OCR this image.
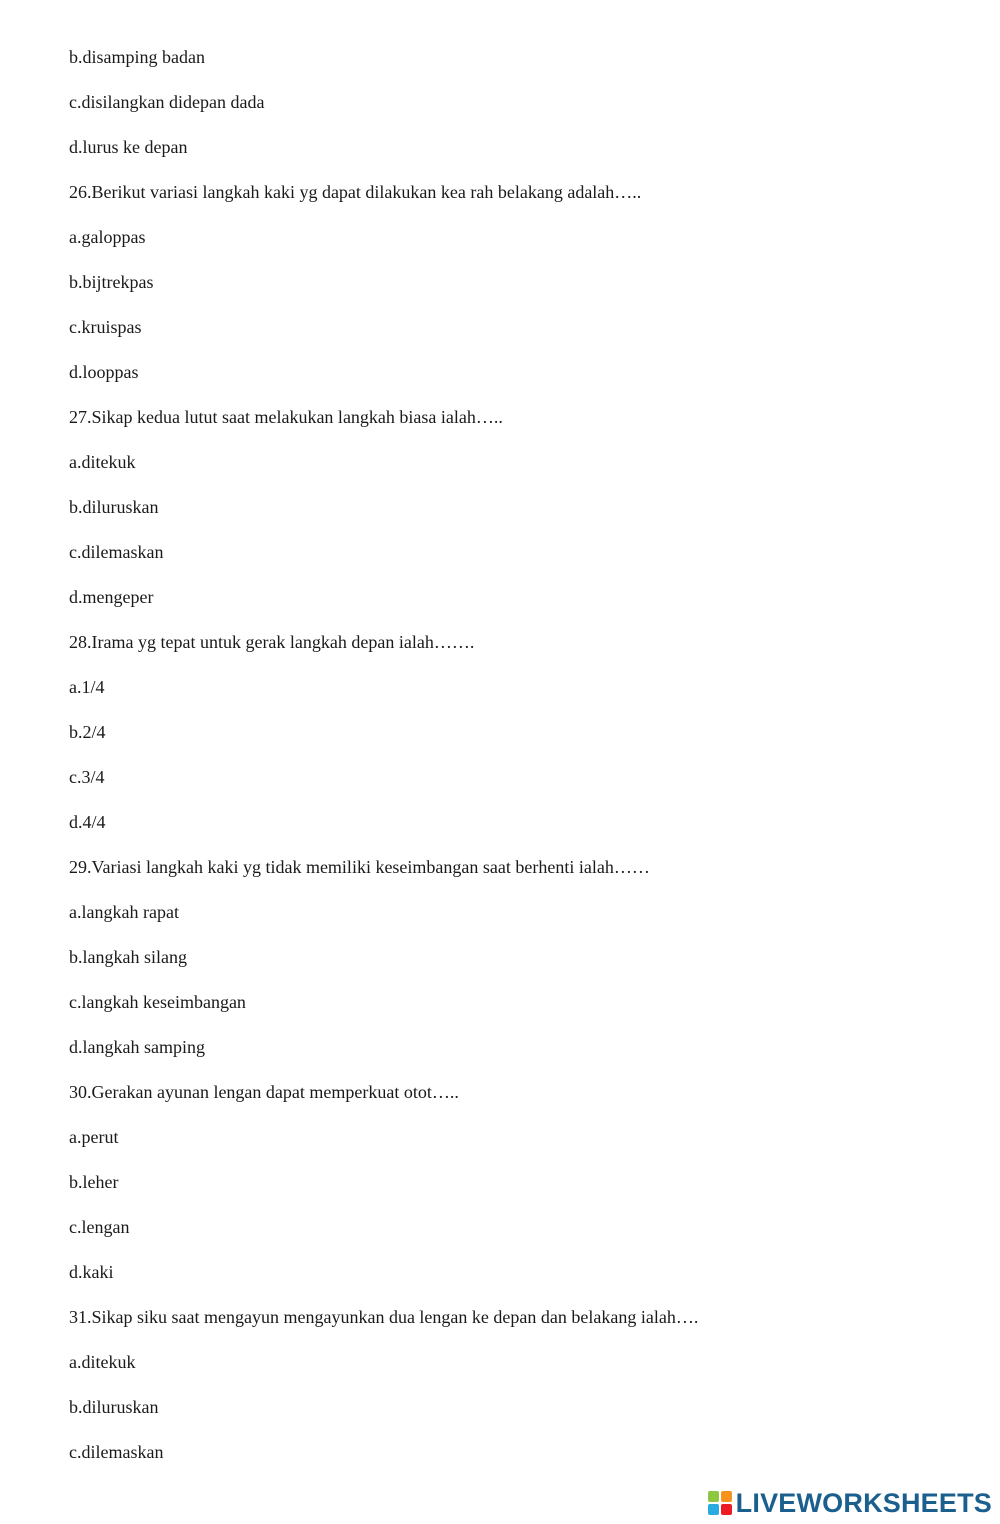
b.disamping badan
c.disilangkan didepan dada
d.lurus ke depan
26.Berikut variasi langkah kaki yg dapat dilakukan kea rah belakang adalah…..
a.galoppas
b.bijtrekpas
c.kruispas
d.looppas
27.Sikap kedua lutut saat melakukan langkah biasa ialah…..
a.ditekuk
b.diluruskan
c.dilemaskan
d.mengeper
28.Irama yg tepat untuk gerak langkah depan ialah…….
a.1/4
b.2/4
c.3/4
d.4/4
29.Variasi langkah kaki yg tidak memiliki keseimbangan saat berhenti ialah……
a.langkah rapat
b.langkah silang
c.langkah keseimbangan
d.langkah samping
30.Gerakan ayunan lengan dapat memperkuat otot…..
a.perut
b.leher
c.lengan
d.kaki
31.Sikap siku saat mengayun mengayunkan dua lengan ke depan dan belakang ialah….
a.ditekuk
b.diluruskan
c.dilemaskan
LIVEWORKSHEETS
